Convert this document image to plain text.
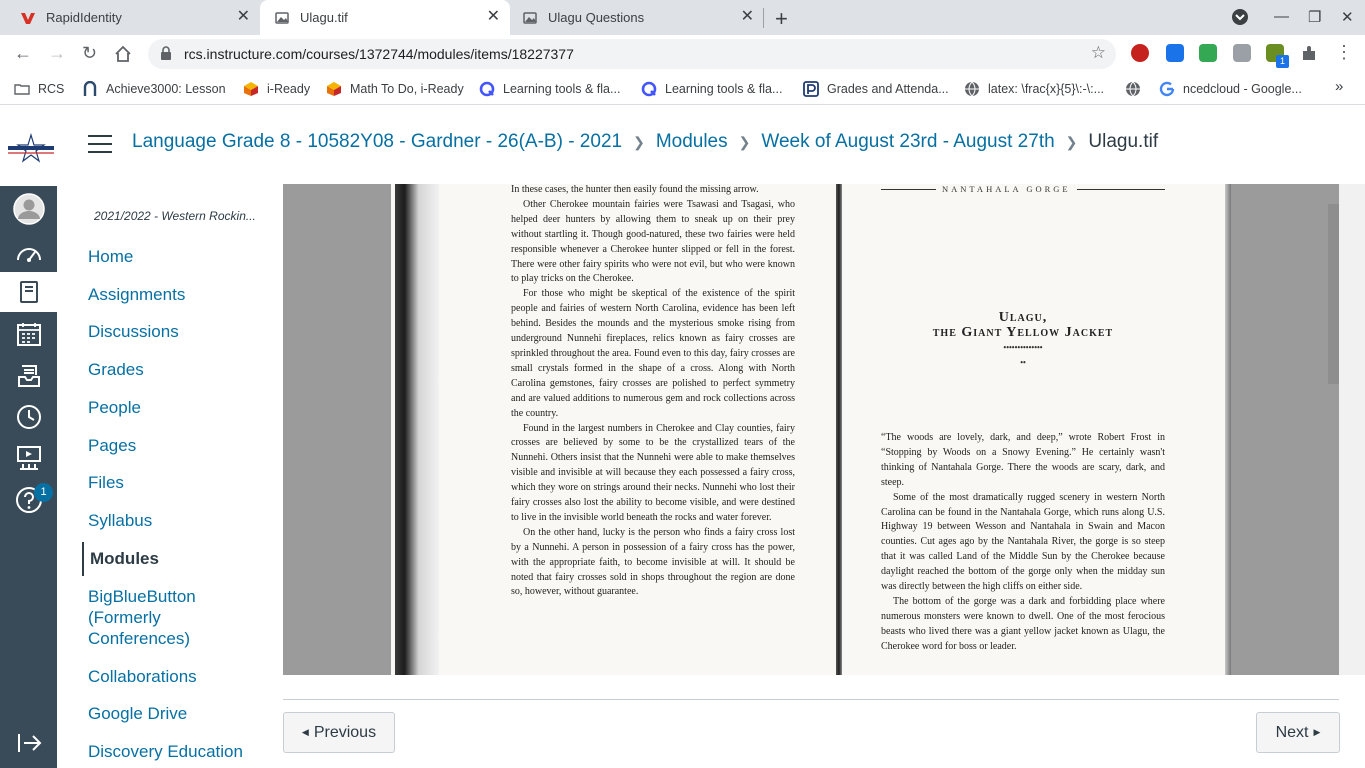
RapidIdentity	✕	Ulagu.tif	✕	Ulagu Questions	✕ +	— ❐ ✕
← → ↻	rcs.instructure.com/courses/1372744/modules/items/18227377	☆	1	⋮
RCS	Achieve3000: Lesson	i-Ready	Math To Do, i-Ready	Learning tools & fla...	Learning tools & fla...	Grades and Attenda...	latex: \frac{x}{5}\:-\:...	ncedcloud - Google... »
1
Language Grade 8 - 10582Y08 - Gardner - 26(A-B) - 2021 ❯ Modules ❯ Week of August 23rd - August 27th ❯ Ulagu.tif
2021/2022 - Western Rockin...
Home
Assignments
Discussions
Grades
People
Pages
Files
Syllabus
Modules
BigBlueButton (Formerly Conferences)
Collaborations
Google Drive
Discovery Education

In these cases, the hunter then easily found the missing arrow.

Other Cherokee mountain fairies were Tsawasi and Tsagasi, who helped deer hunters by allowing them to sneak up on their prey without startling it. Though good-natured, these two fairies were held responsible whenever a Cherokee hunter slipped or fell in the forest. There were other fairy spirits who were not evil, but who were known to play tricks on the Cherokee.

For those who might be skeptical of the existence of the spirit people and fairies of western North Carolina, evidence has been left behind. Besides the mounds and the mysterious smoke rising from underground Nunnehi fireplaces, relics known as fairy crosses are sprinkled throughout the area. Found even to this day, fairy crosses are small crystals formed in the shape of a cross. Along with North Carolina gemstones, fairy crosses are polished to perfect symmetry and are valued additions to numerous gem and rock collections across the country.

Found in the largest numbers in Cherokee and Clay counties, fairy crosses are believed by some to be the crystallized tears of the Nunnehi. Others insist that the Nunnehi were able to make themselves visible and invisible at will because they each possessed a fairy cross, which they wore on strings around their necks. Nunnehi who lost their fairy crosses also lost the ability to become visible, and were destined to live in the invisible world beneath the rocks and water forever.

On the other hand, lucky is the person who finds a fairy cross lost by a Nunnehi. A person in possession of a fairy cross has the power, with the appropriate faith, to become invisible at will. It should be noted that fairy crosses sold in shops throughout the region are done so, however, without guarantee.

NANTAHALA GORGE
Ulagu,
the Giant Yellow Jacket
••••••••••••••
••

“The woods are lovely, dark, and deep,” wrote Robert Frost in “Stopping by Woods on a Snowy Evening.” He certainly wasn't thinking of Nantahala Gorge. There the woods are scary, dark, and steep.

Some of the most dramatically rugged scenery in western North Carolina can be found in the Nantahala Gorge, which runs along U.S. Highway 19 between Wesson and Nantahala in Swain and Macon counties. Cut ages ago by the Nantahala River, the gorge is so steep that it was called Land of the Middle Sun by the Cherokee because daylight reached the bottom of the gorge only when the midday sun was directly between the high cliffs on either side.

The bottom of the gorge was a dark and forbidding place where numerous monsters were known to dwell. One of the most ferocious beasts who lived there was a giant yellow jacket known as Ulagu, the Cherokee word for boss or leader.

◀ Previous	Next ▶
